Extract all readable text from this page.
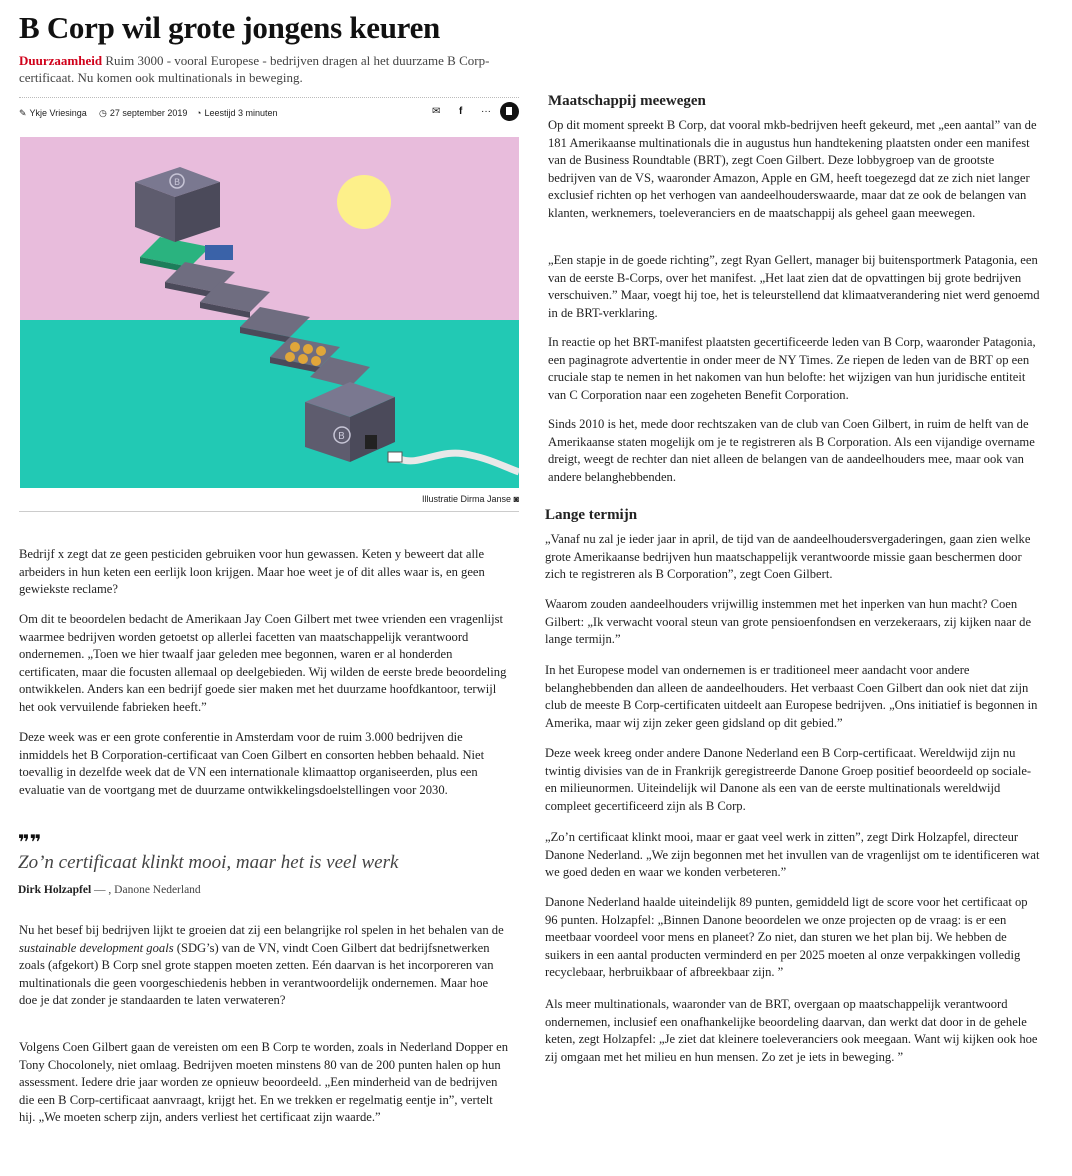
B Corp wil grote jongens keuren

Duurzaamheid Ruim 3000 - vooral Europese - bedrijven dragen al het duurzame B Corp-certificaat. Nu komen ook multinationals in beweging.

✎ Ykje Vriesinga ◷ 27 september 2019 ◔ Leestijd 3 minuten	✉ f ···
B
B
Illustratie Dirma Janse ◙

Bedrijf x zegt dat ze geen pesticiden gebruiken voor hun gewassen. Keten y beweert dat alle arbeiders in hun keten een eerlijk loon krijgen. Maar hoe weet je of dit alles waar is, en geen gewiekste reclame?

Om dit te beoordelen bedacht de Amerikaan Jay Coen Gilbert met twee vrienden een vragenlijst waarmee bedrijven worden getoetst op allerlei facetten van maatschappelijk verantwoord ondernemen. „Toen we hier twaalf jaar geleden mee begonnen, waren er al honderden certificaten, maar die focusten allemaal op deelgebieden. Wij wilden de eerste brede beoordeling ontwikkelen. Anders kan een bedrijf goede sier maken met het duurzame hoofdkantoor, terwijl het ook vervuilende fabrieken heeft.”

Deze week was er een grote conferentie in Amsterdam voor de ruim 3.000 bedrijven die inmiddels het B Corporation-certificaat van Coen Gilbert en consorten hebben behaald. Niet toevallig in dezelfde week dat de VN een internationale klimaattop organiseerden, plus een evaluatie van de voortgang met de duurzame ontwikkelingsdoelstellingen voor 2030.

❞❞

Zo’n certificaat klinkt mooi, maar het is veel werk

Dirk Holzapfel — , Danone Nederland

Nu het besef bij bedrijven lijkt te groeien dat zij een belangrijke rol spelen in het behalen van de sustainable development goals (SDG’s) van de VN, vindt Coen Gilbert dat bedrijfsnetwerken zoals (afgekort) B Corp snel grote stappen moeten zetten. Eén daarvan is het incorporeren van multinationals die geen voorgeschiedenis hebben in verantwoordelijk ondernemen. Maar hoe doe je dat zonder je standaarden te laten verwateren?

Volgens Coen Gilbert gaan de vereisten om een B Corp te worden, zoals in Nederland Dopper en Tony Chocolonely, niet omlaag. Bedrijven moeten minstens 80 van de 200 punten halen op hun assessment. Iedere drie jaar worden ze opnieuw beoordeeld. „Een minderheid van de bedrijven die een B Corp-certificaat aanvraagt, krijgt het. En we trekken er regelmatig eentje in”, vertelt hij. „We moeten scherp zijn, anders verliest het certificaat zijn waarde.”

Maatschappij meewegen

Op dit moment spreekt B Corp, dat vooral mkb-bedrijven heeft gekeurd, met „een aantal” van de 181 Amerikaanse multinationals die in augustus hun handtekening plaatsten onder een manifest van de Business Roundtable (BRT), zegt Coen Gilbert. Deze lobbygroep van de grootste bedrijven van de VS, waaronder Amazon, Apple en GM, heeft toegezegd dat ze zich niet langer exclusief richten op het verhogen van aandeelhouderswaarde, maar dat ze ook de belangen van klanten, werknemers, toeleveranciers en de maatschappij als geheel gaan meewegen.

„Een stapje in de goede richting”, zegt Ryan Gellert, manager bij buitensportmerk Patagonia, een van de eerste B-Corps, over het manifest. „Het laat zien dat de opvattingen bij grote bedrijven verschuiven.” Maar, voegt hij toe, het is teleurstellend dat klimaatverandering niet werd genoemd in de BRT-verklaring.

In reactie op het BRT-manifest plaatsten gecertificeerde leden van B Corp, waaronder Patagonia, een paginagrote advertentie in onder meer de NY Times. Ze riepen de leden van de BRT op een cruciale stap te nemen in het nakomen van hun belofte: het wijzigen van hun juridische entiteit van C Corporation naar een zogeheten Benefit Corporation.

Sinds 2010 is het, mede door rechtszaken van de club van Coen Gilbert, in ruim de helft van de Amerikaanse staten mogelijk om je te registreren als B Corporation. Als een vijandige overname dreigt, weegt de rechter dan niet alleen de belangen van de aandeelhouders mee, maar ook van andere belanghebbenden.

Lange termijn

„Vanaf nu zal je ieder jaar in april, de tijd van de aandeelhoudersvergaderingen, gaan zien welke grote Amerikaanse bedrijven hun maatschappelijk verantwoorde missie gaan beschermen door zich te registreren als B Corporation”, zegt Coen Gilbert.

Waarom zouden aandeelhouders vrijwillig instemmen met het inperken van hun macht? Coen Gilbert: „Ik verwacht vooral steun van grote pensioenfondsen en verzekeraars, zij kijken naar de lange termijn.”

In het Europese model van ondernemen is er traditioneel meer aandacht voor andere belanghebbenden dan alleen de aandeelhouders. Het verbaast Coen Gilbert dan ook niet dat zijn club de meeste B Corp-certificaten uitdeelt aan Europese bedrijven. „Ons initiatief is begonnen in Amerika, maar wij zijn zeker geen gidsland op dit gebied.”

Deze week kreeg onder andere Danone Nederland een B Corp-certificaat. Wereldwijd zijn nu twintig divisies van de in Frankrijk geregistreerde Danone Groep positief beoordeeld op sociale- en milieunormen. Uiteindelijk wil Danone als een van de eerste multinationals wereldwijd compleet gecertificeerd zijn als B Corp.

„Zo’n certificaat klinkt mooi, maar er gaat veel werk in zitten”, zegt Dirk Holzapfel, directeur Danone Nederland. „We zijn begonnen met het invullen van de vragenlijst om te identificeren wat we goed deden en waar we konden verbeteren.”

Danone Nederland haalde uiteindelijk 89 punten, gemiddeld ligt de score voor het certificaat op 96 punten. Holzapfel: „Binnen Danone beoordelen we onze projecten op de vraag: is er een meetbaar voordeel voor mens en planeet? Zo niet, dan sturen we het plan bij. We hebben de suikers in een aantal producten verminderd en per 2025 moeten al onze verpakkingen volledig recyclebaar, herbruikbaar of afbreekbaar zijn. ”

Als meer multinationals, waaronder van de BRT, overgaan op maatschappelijk verantwoord ondernemen, inclusief een onafhankelijke beoordeling daarvan, dan werkt dat door in de gehele keten, zegt Holzapfel: „Je ziet dat kleinere toeleveranciers ook meegaan. Want wij kijken ook hoe zij omgaan met het milieu en hun mensen. Zo zet je iets in beweging. ”
